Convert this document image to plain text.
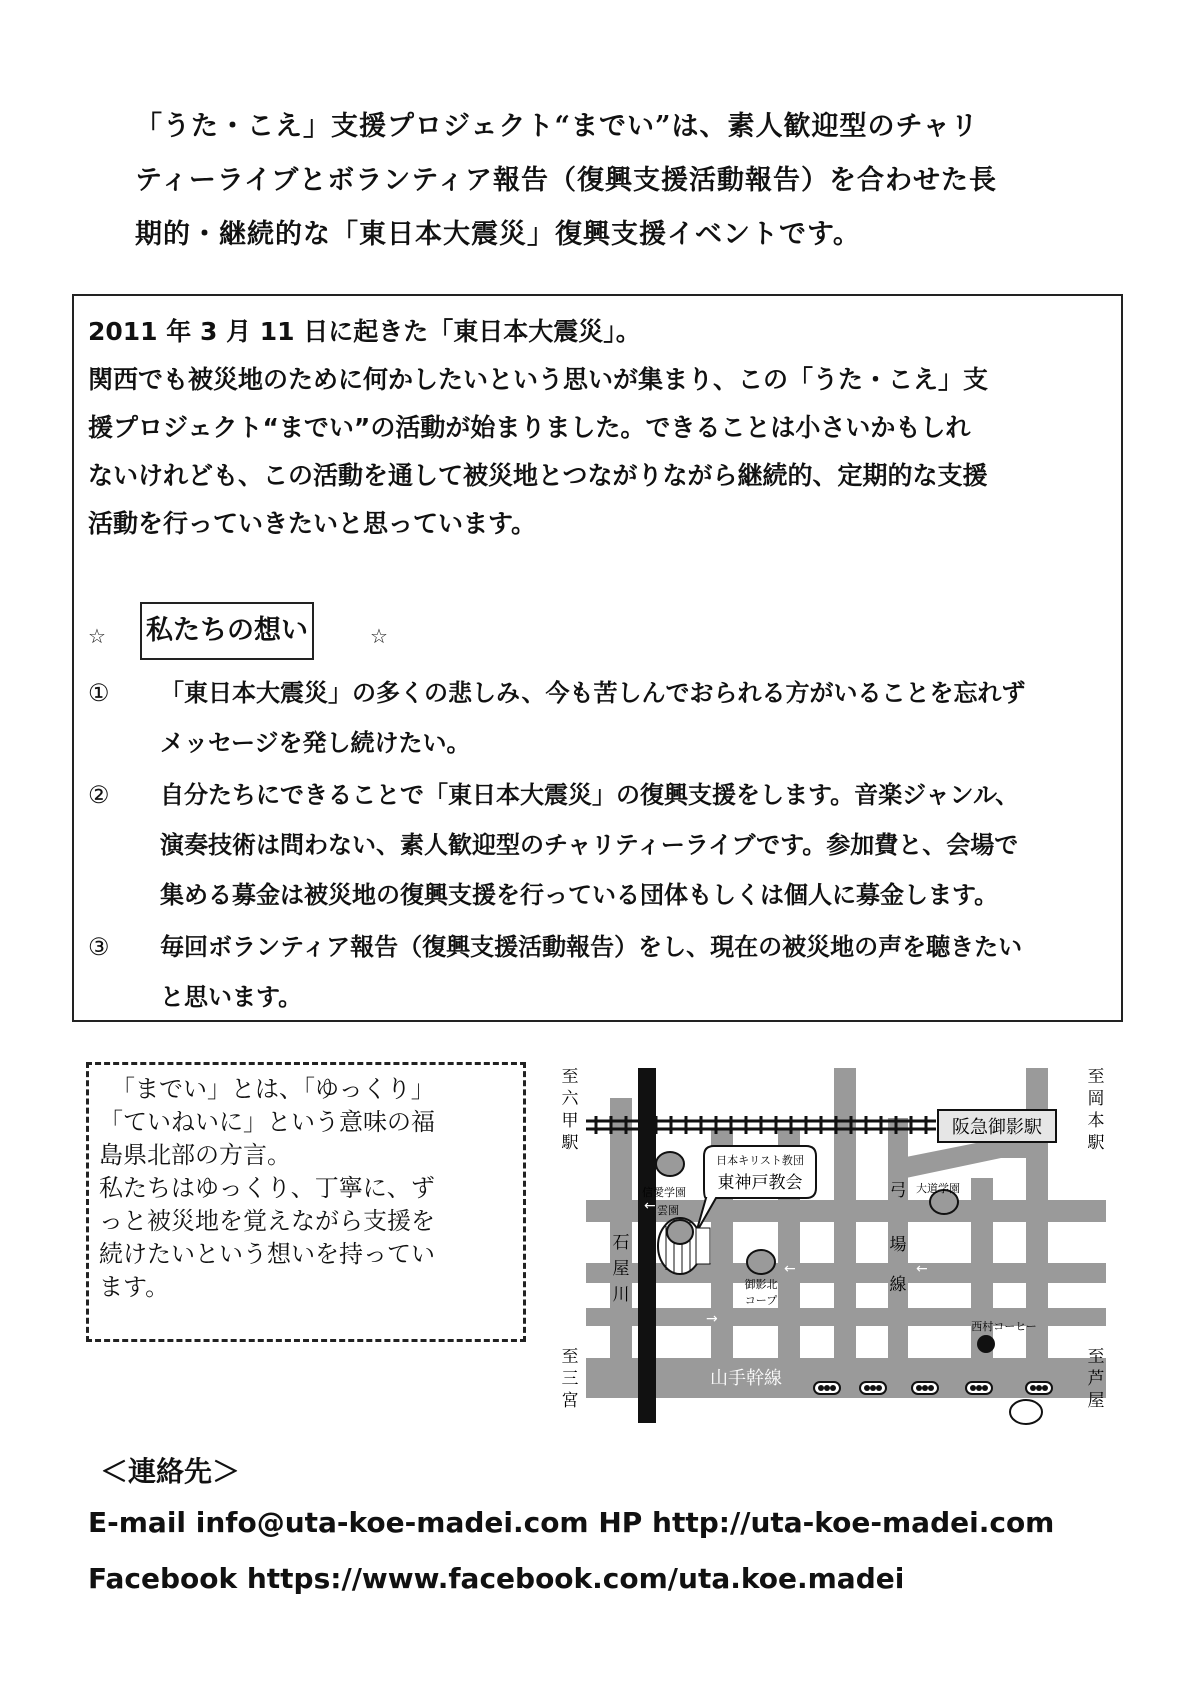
「うた・こえ」支援プロジェクト“までい”は、素人歓迎型のチャリ
ティーライブとボランティア報告（復興支援活動報告）を合わせた長
期的・継続的な「東日本大震災」復興支援イベントです。
2011 年 3 月 11 日に起きた「東日本大震災」。
関西でも被災地のために何かしたいという思いが集まり、この「うた・こえ」支
援プロジェクト“までい”の活動が始まりました。できることは小さいかもしれ
ないけれども、この活動を通して被災地とつながりながら継続的、定期的な支援
活動を行っていきたいと思っています。
☆ 私たちの想い	☆
① 「東日本大震災」の多くの悲しみ、今も苦しんでおられる方がいることを忘れず
メッセージを発し続けたい。
② 自分たちにできることで「東日本大震災」の復興支援をします。音楽ジャンル、
演奏技術は問わない、素人歓迎型のチャリティーライブです。参加費と、会場で
集める募金は被災地の復興支援を行っている団体もしくは個人に募金します。
③ 毎回ボランティア報告（復興支援活動報告）をし、現在の被災地の声を聴きたい
と思います。
　「までい」とは、「ゆっくり」
「ていねいに」という意味の福
島県北部の方言。
私たちはゆっくり、丁寧に、ず
っと被災地を覚えながら支援を
続けたいという想いを持ってい
ます。
阪急御影駅
至
六
甲
駅
至
岡
本
駅
至
三
宮
至
芦
屋
石
屋
川
弓
場
線
山手幹線
日本キリスト教団
東神戸教会
信愛学園
雲園
御影北
コープ
大道学園
西村コーヒー
←
←	←
→
＜連絡先＞
E-mail info@uta-koe-madei.com HP http://uta-koe-madei.com
Facebook https://www.facebook.com/uta.koe.madei
